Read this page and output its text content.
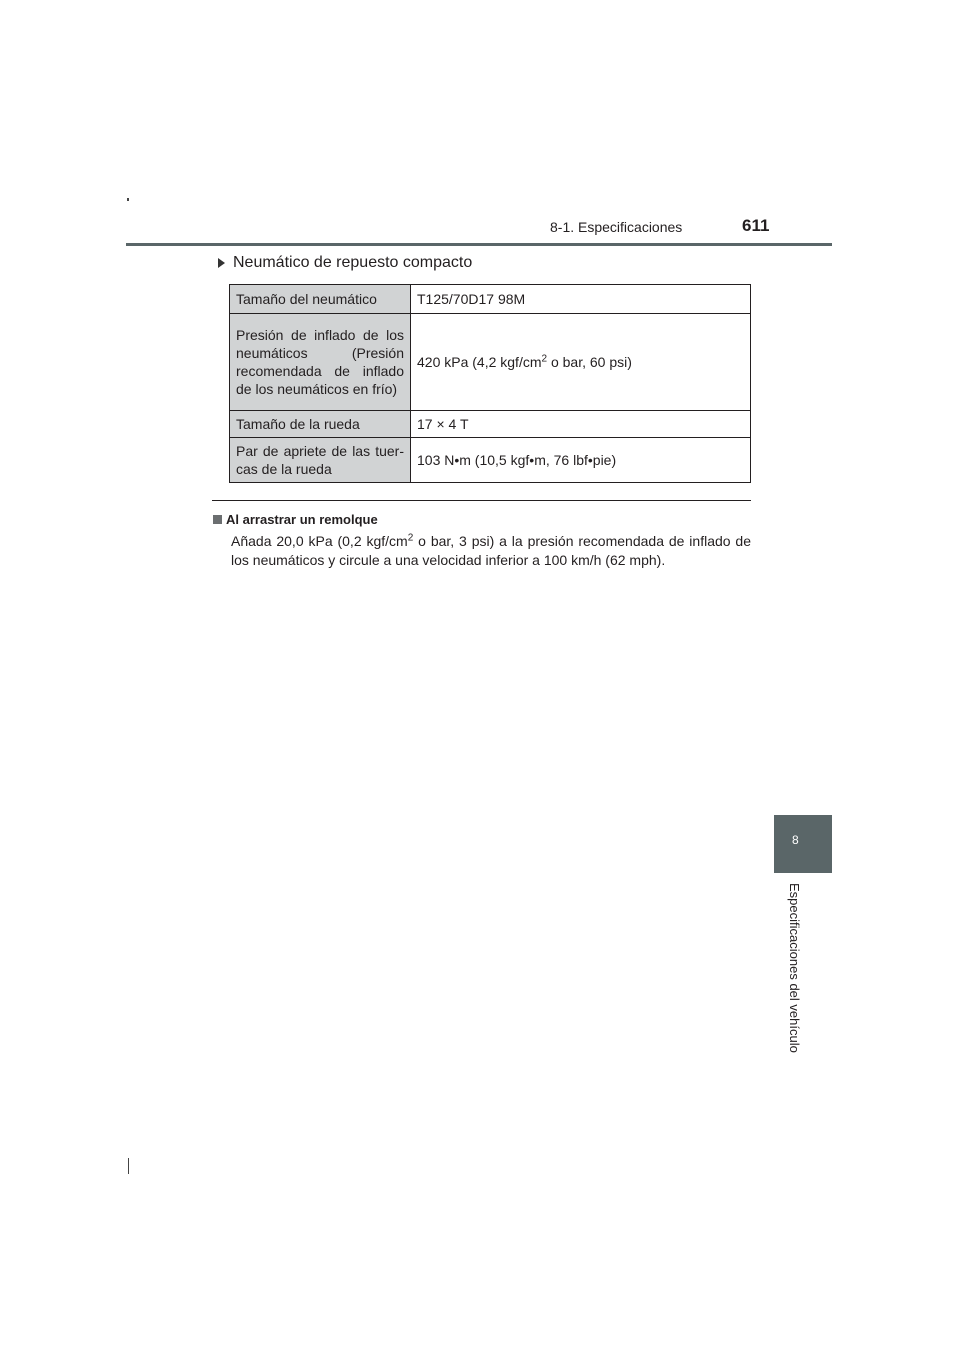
8-1. Especificaciones	611
Neumático de repuesto compacto
Tamaño del neumático	T125/70D17 98M
Presión de inflado de los neumáticos (Presión recomendada de inflado de los neumáticos en frío)	420 kPa (4,2 kgf/$cm^2$ o bar, 60 psi)
Tamaño de la rueda	17 × 4 T
Par de apriete de las tuer-cas de la rueda	103 N•m (10,5 kgf•m, 76 lbf•pie)
Al arrastrar un remolque
Añada 20,0 kPa (0,2 kgf/$cm^2$ o bar, 3 psi) a la presión recomendada de inflado de los neumáticos y circule a una velocidad inferior a 100 km/h (62 mph).
8
Especificaciones del vehículo
